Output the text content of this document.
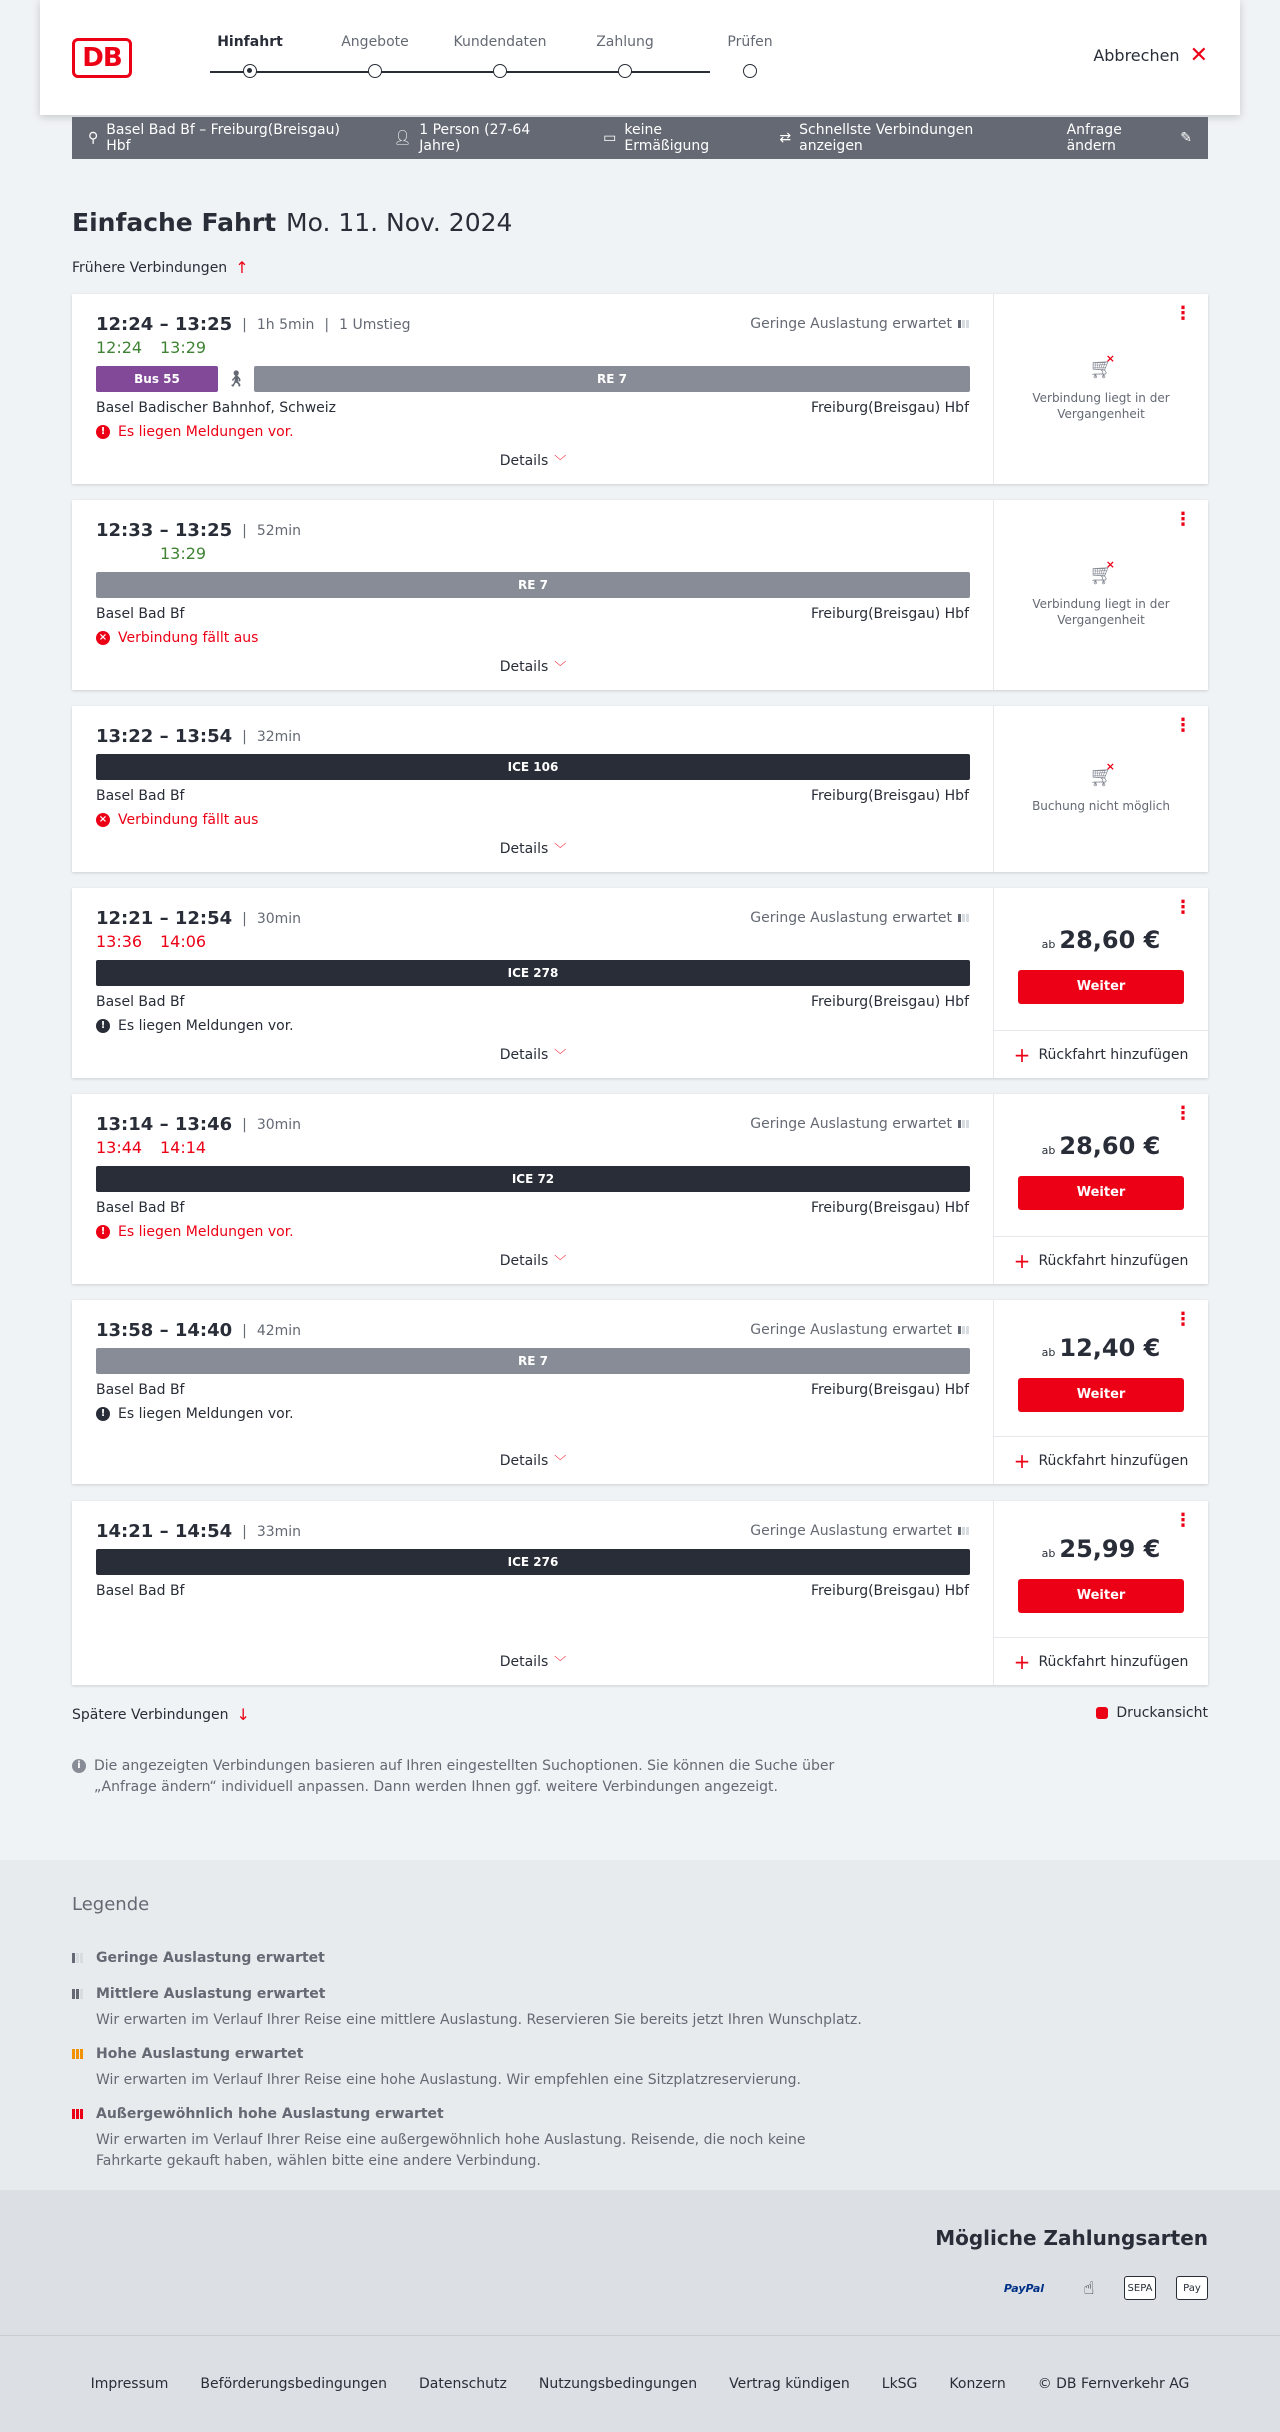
DB
Hinfahrt	Angebote	Kundendaten	Zahlung	Prüfen
Abbrechen ✕
⚲ Basel Bad Bf – Freiburg(Breisgau) Hbf	👤︎ 1 Person (27-64 Jahre)	▭ keine Ermäßigung	⇄ Schnellste Verbindungen anzeigen
Anfrage ändern	✎
Einfache Fahrt Mo. 11. Nov. 2024
Frühere Verbindungen ↑
12:24 – 13:25 | 1h 5min | 1 Umstieg	Geringe Auslastung erwartet
12:24	13:29
Bus 55	🚶︎	RE 7
Basel Badischer Bahnhof, Schweiz	Freiburg(Breisgau) Hbf
! Es liegen Meldungen vor.
Details ﹀
⋮
🛒︎ ×
Verbindung liegt in der Vergangenheit
12:33 – 13:25 | 52min
13:29
RE 7
Basel Bad Bf	Freiburg(Breisgau) Hbf
× Verbindung fällt aus
Details ﹀
⋮
🛒︎ ×
Verbindung liegt in der Vergangenheit
13:22 – 13:54 | 32min
ICE 106
Basel Bad Bf	Freiburg(Breisgau) Hbf
× Verbindung fällt aus
Details ﹀
⋮
🛒︎ ×
Buchung nicht möglich
12:21 – 12:54 | 30min	Geringe Auslastung erwartet
13:36	14:06
ICE 278
Basel Bad Bf	Freiburg(Breisgau) Hbf
! Es liegen Meldungen vor.
Details ﹀
⋮
ab 28,60 €
Weiter
+ Rückfahrt hinzufügen
13:14 – 13:46 | 30min	Geringe Auslastung erwartet
13:44	14:14
ICE 72
Basel Bad Bf	Freiburg(Breisgau) Hbf
! Es liegen Meldungen vor.
Details ﹀
⋮
ab 28,60 €
Weiter
+ Rückfahrt hinzufügen
13:58 – 14:40 | 42min	Geringe Auslastung erwartet
RE 7
Basel Bad Bf	Freiburg(Breisgau) Hbf
! Es liegen Meldungen vor.
Details ﹀
⋮
ab 12,40 €
Weiter
+ Rückfahrt hinzufügen
14:21 – 14:54 | 33min	Geringe Auslastung erwartet
ICE 276
Basel Bad Bf	Freiburg(Breisgau) Hbf
Details ﹀
⋮
ab 25,99 €
Weiter
+ Rückfahrt hinzufügen
Spätere Verbindungen ↓	Druckansicht
i Die angezeigten Verbindungen basieren auf Ihren eingestellten Suchoptionen. Sie können die Suche über „Anfrage ändern“ individuell anpassen. Dann werden Ihnen ggf. weitere Verbindungen angezeigt.
Legende
Geringe Auslastung erwartet
Mittlere Auslastung erwartet

Wir erwarten im Verlauf Ihrer Reise eine mittlere Auslastung. Reservieren Sie bereits jetzt Ihren Wunschplatz.

Hohe Auslastung erwartet

Wir erwarten im Verlauf Ihrer Reise eine hohe Auslastung. Wir empfehlen eine Sitzplatzreservierung.

Außergewöhnlich hohe Auslastung erwartet

Wir erwarten im Verlauf Ihrer Reise eine außergewöhnlich hohe Auslastung. Reisende, die noch keine Fahrkarte gekauft haben, wählen bitte eine andere Verbindung.

Mögliche Zahlungsarten
PayPal	☝︎	SEPA	Pay
Impressum Beförderungsbedingungen Datenschutz Nutzungsbedingungen Vertrag kündigen LkSG Konzern © DB Fernverkehr AG
